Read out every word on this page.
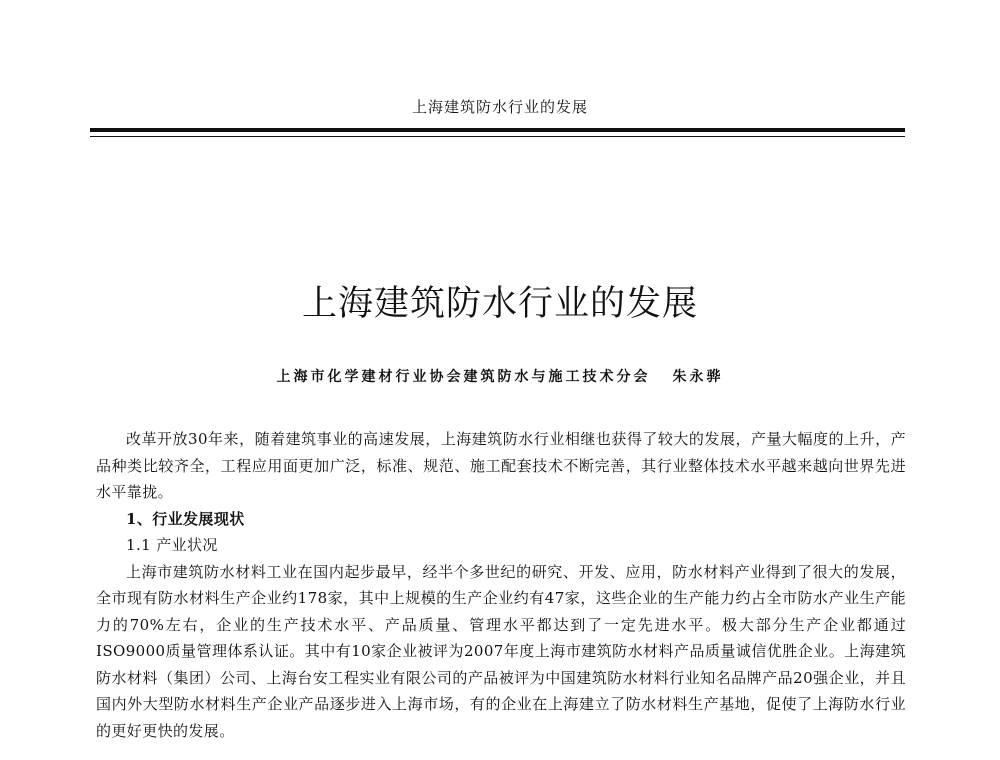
上海建筑防水行业的发展
上海建筑防水行业的发展
上海市化学建材行业协会建筑防水与施工技术分会 朱永骅

改革开放30年来，随着建筑事业的高速发展，上海建筑防水行业相继也获得了较大的发展，产量大幅度的上升，产品种类比较齐全，工程应用面更加广泛，标准、规范、施工配套技术不断完善，其行业整体技术水平越来越向世界先进水平靠拢。

1、行业发展现状

1.1 产业状况

上海市建筑防水材料工业在国内起步最早，经半个多世纪的研究、开发、应用，防水材料产业得到了很大的发展，全市现有防水材料生产企业约178家，其中上规模的生产企业约有47家，这些企业的生产能力约占全市防水产业生产能力的70%左右，企业的生产技术水平、产品质量、管理水平都达到了一定先进水平。极大部分生产企业都通过ISO9000质量管理体系认证。其中有10家企业被评为2007年度上海市建筑防水材料产品质量诚信优胜企业。上海建筑防水材料（集团）公司、上海台安工程实业有限公司的产品被评为中国建筑防水材料行业知名品牌产品20强企业，并且国内外大型防水材料生产企业产品逐步进入上海市场，有的企业在上海建立了防水材料生产基地，促使了上海防水行业的更好更快的发展。
